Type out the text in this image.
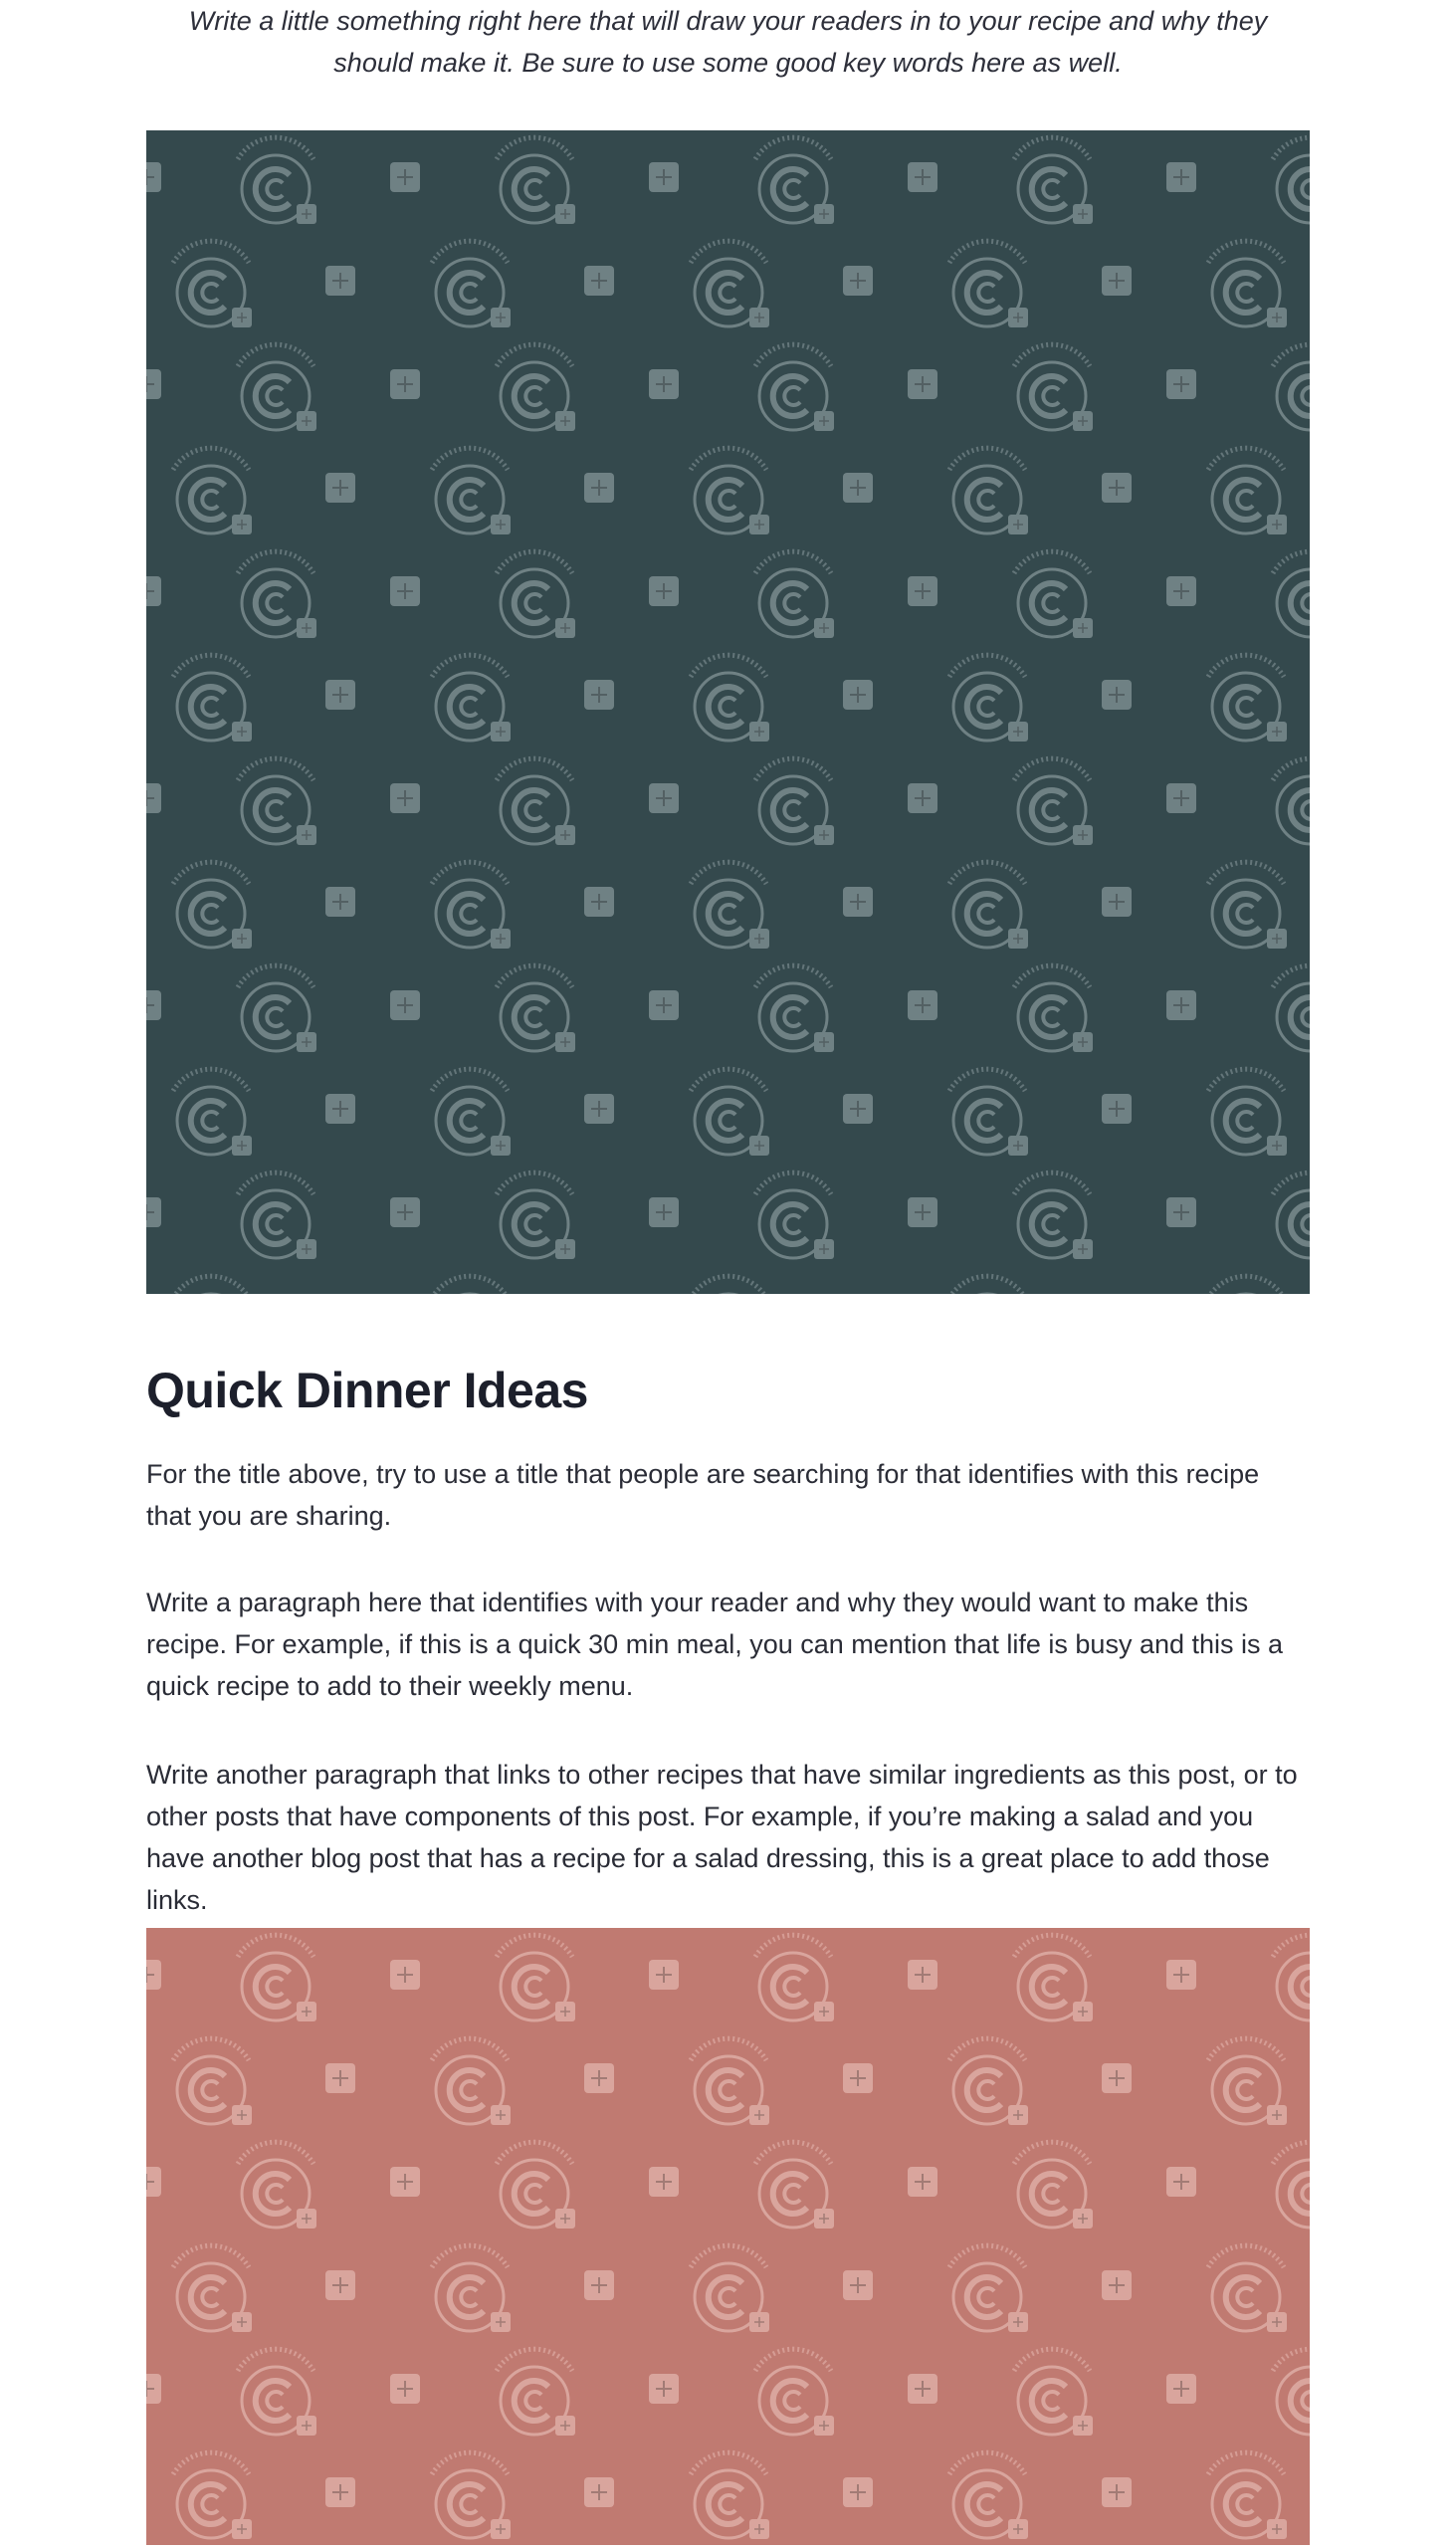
Write a little something right here that will draw your readers in to your recipe and why they should make it. Be sure to use some good key words here as well.

Quick Dinner Ideas

For the title above, try to use a title that people are searching for that identifies with this recipe that you are sharing.

Write a paragraph here that identifies with your reader and why they would want to make this recipe. For example, if this is a quick 30 min meal, you can mention that life is busy and this is a quick recipe to add to their weekly menu.

Write another paragraph that links to other recipes that have similar ingredients as this post, or to other posts that have components of this post. For example, if you’re making a salad and you have another blog post that has a recipe for a salad dressing, this is a great place to add those links.
